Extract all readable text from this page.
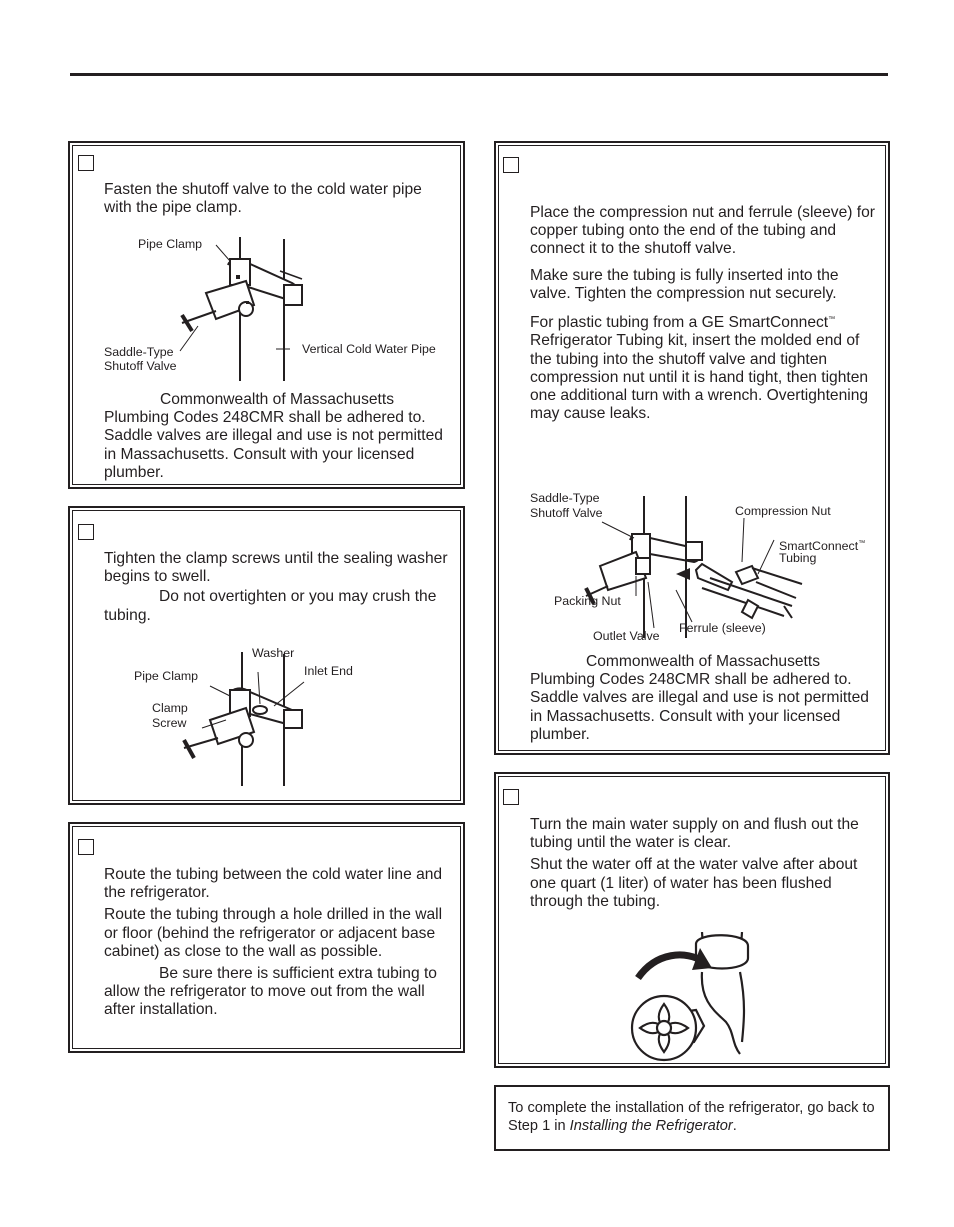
Fasten the shutoff valve to the cold water pipe with the pipe clamp.

Pipe Clamp
Saddle-Type
Shutoff Valve
Vertical Cold Water Pipe

Commonwealth of Massachusetts Plumbing Codes 248CMR shall be adhered to. Saddle valves are illegal and use is not permitted in Massachusetts. Consult with your licensed plumber.

Tighten the clamp screws until the sealing washer begins to swell.

Do not overtighten or you may crush the tubing.

Washer
Inlet End
Pipe Clamp
Clamp
Screw

Route the tubing between the cold water line and the refrigerator.

Route the tubing through a hole drilled in the wall or floor (behind the refrigerator or adjacent base cabinet) as close to the wall as possible.

Be sure there is sufficient extra tubing to allow the refrigerator to move out from the wall after installation.

Place the compression nut and ferrule (sleeve) for copper tubing onto the end of the tubing and connect it to the shutoff valve.

Make sure the tubing is fully inserted into the valve. Tighten the compression nut securely.

For plastic tubing from a GE SmartConnect™ Refrigerator Tubing kit, insert the molded end of the tubing into the shutoff valve and tighten compression nut until it is hand tight, then tighten one additional turn with a wrench. Overtightening may cause leaks.

Saddle-Type
Shutoff Valve	Compression Nut
SmartConnect™
Tubing
Packing Nut
Ferrule (sleeve)
Outlet Valve

Commonwealth of Massachusetts Plumbing Codes 248CMR shall be adhered to. Saddle valves are illegal and use is not permitted in Massachusetts. Consult with your licensed plumber.

Turn the main water supply on and flush out the tubing until the water is clear.

Shut the water off at the water valve after about one quart (1 liter) of water has been flushed through the tubing.

To complete the installation of the refrigerator, go back to Step 1 in Installing the Refrigerator.
